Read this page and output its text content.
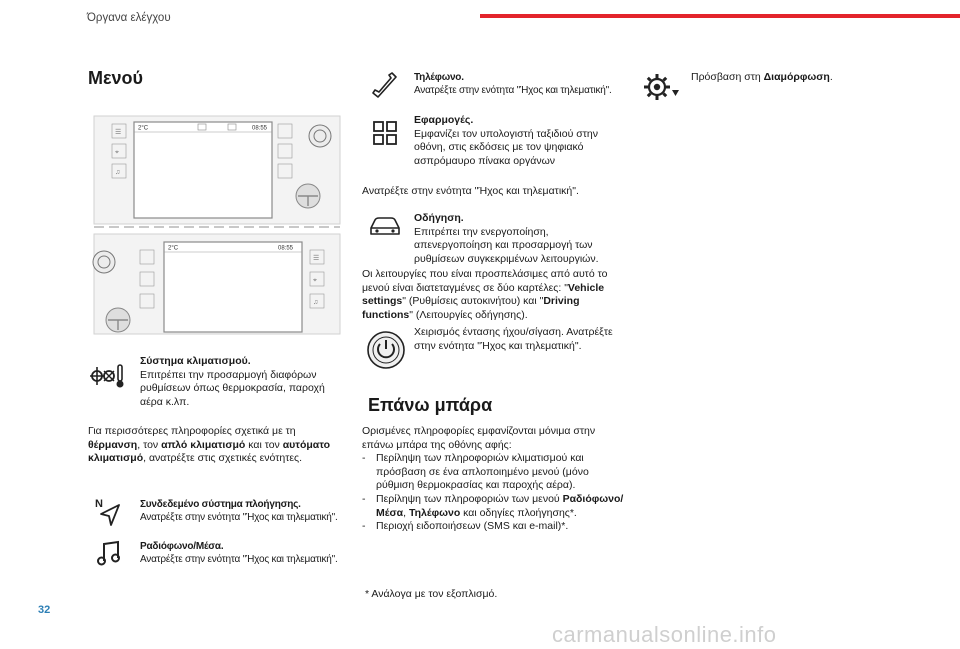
Όργανα ελέγχου
Μενού
2°C	08:55
☰
⌖
♫
2°C	08:55
☰
⌖
♫
Σύστημα κλιματισμού.
Επιτρέπει την προσαρμογή διαφόρων ρυθμίσεων όπως θερμοκρασία, παροχή αέρα κ.λπ.
Για περισσότερες πληροφορίες σχετικά με τη θέρμανση, τον απλό κλιματισμό και τον αυτόματο κλιματισμό, ανατρέξτε στις σχετικές ενότητες.
N	Συνδεδεμένο σύστημα πλοήγησης.
Ανατρέξτε στην ενότητα "Ήχος και τηλεματική".
Ραδιόφωνο/Μέσα.
Ανατρέξτε στην ενότητα "Ήχος και τηλεματική".
Τηλέφωνο.
Ανατρέξτε στην ενότητα "Ήχος και τηλεματική".
Εφαρμογές.
Εμφανίζει τον υπολογιστή ταξιδιού στην οθόνη, στις εκδόσεις με τον ψηφιακό ασπρόμαυρο πίνακα οργάνων
Ανατρέξτε στην ενότητα "Ήχος και τηλεματική".
Οδήγηση.
Επιτρέπει την ενεργοποίηση, απενεργοποίηση και προσαρμογή των ρυθμίσεων συγκεκριμένων λειτουργιών.
Οι λειτουργίες που είναι προσπελάσιμες από αυτό το μενού είναι διατεταγμένες σε δύο καρτέλες: "Vehicle settings" (Ρυθμίσεις αυτοκινήτου) και "Driving functions" (Λειτουργίες οδήγησης).
Χειρισμός έντασης ήχου/σίγαση. Ανατρέξτε στην ενότητα "Ήχος και τηλεματική".
Επάνω μπάρα
Ορισμένες πληροφορίες εμφανίζονται μόνιμα στην επάνω μπάρα της οθόνης αφής:
- Περίληψη των πληροφοριών κλιματισμού και πρόσβαση σε ένα απλοποιημένο μενού (μόνο ρύθμιση θερμοκρασίας και παροχής αέρα).
- Περίληψη των πληροφοριών των μενού Ραδιόφωνο/Μέσα, Τηλέφωνο και οδηγίες πλοήγησης*.
- Περιοχή ειδοποιήσεων (SMS και e-mail)*.
* Ανάλογα με τον εξοπλισμό.
Πρόσβαση στη Διαμόρφωση.
32
carmanualsonline.info
